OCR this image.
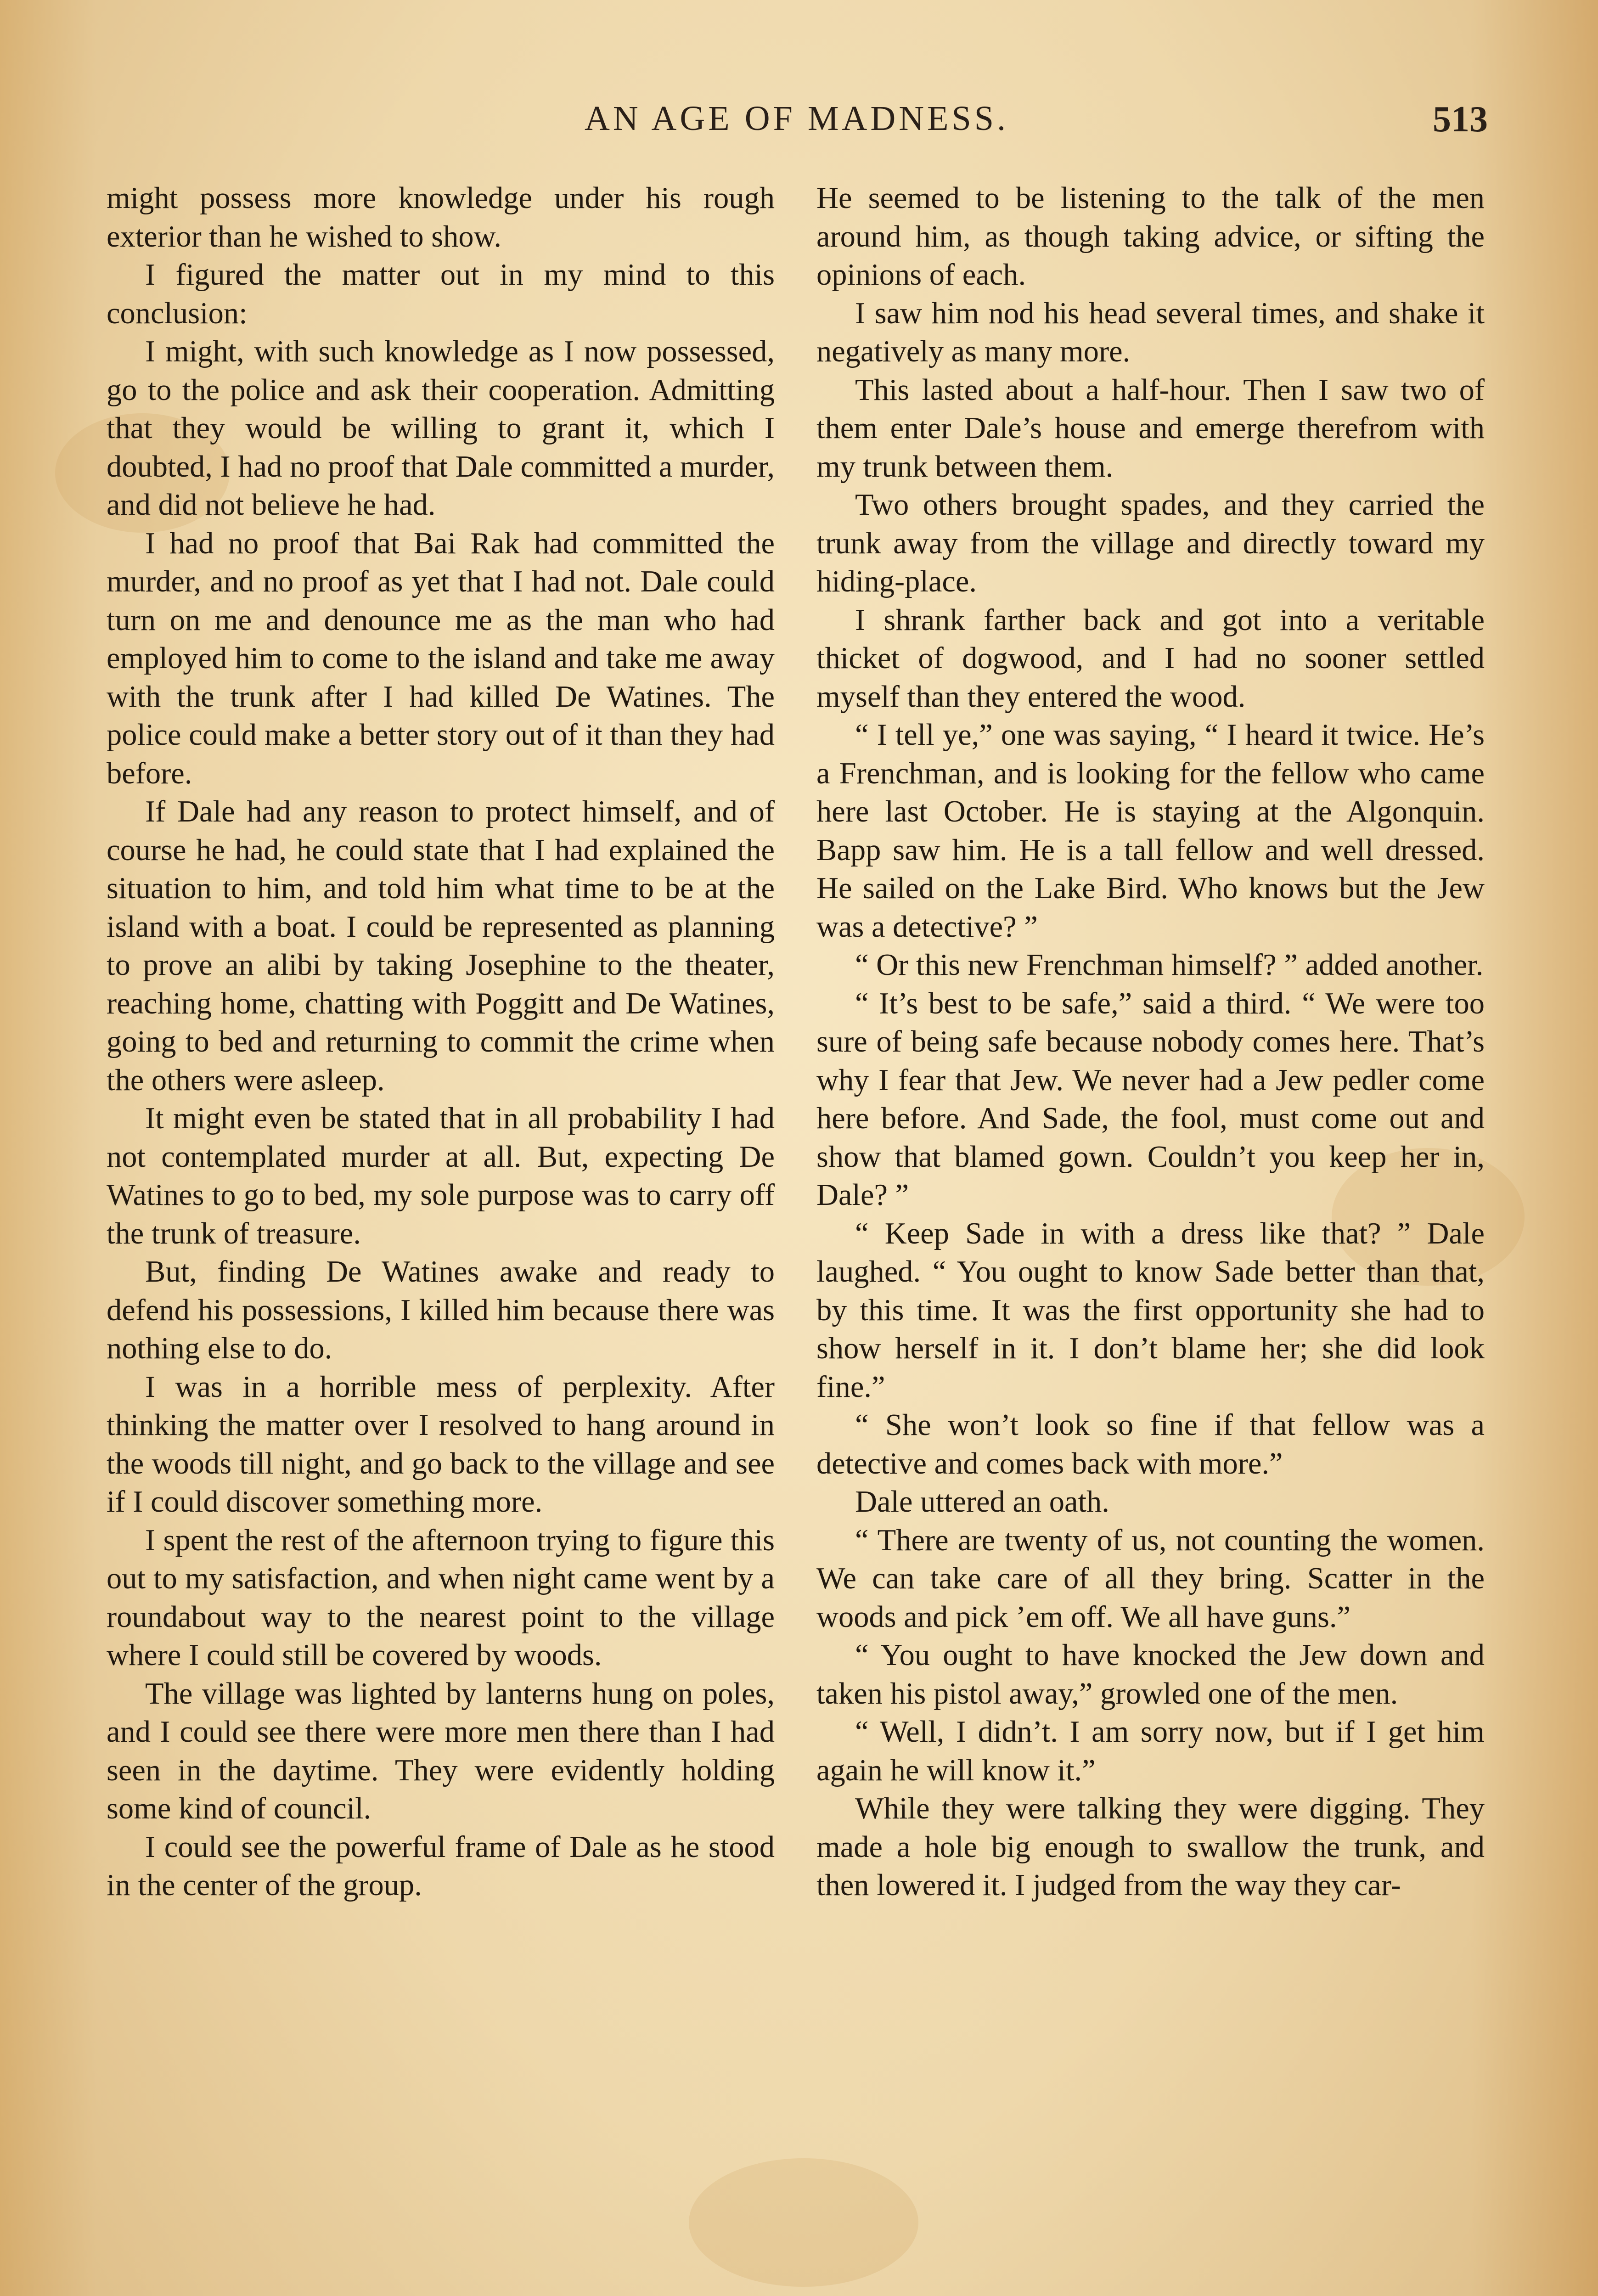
AN AGE OF MADNESS.	513

might possess more knowledge under his rough exterior than he wished to show.

I figured the matter out in my mind to this conclusion:

I might, with such knowledge as I now possessed, go to the police and ask their cooperation. Admitting that they would be willing to grant it, which I doubted, I had no proof that Dale committed a murder, and did not believe he had.

I had no proof that Bai Rak had committed the murder, and no proof as yet that I had not. Dale could turn on me and denounce me as the man who had employed him to come to the island and take me away with the trunk after I had killed De Watines. The police could make a better story out of it than they had before.

If Dale had any reason to protect himself, and of course he had, he could state that I had explained the situation to him, and told him what time to be at the island with a boat. I could be represented as planning to prove an alibi by taking Josephine to the theater, reaching home, chatting with Poggitt and De Watines, going to bed and returning to commit the crime when the others were asleep.

It might even be stated that in all probability I had not contemplated murder at all. But, expecting De Watines to go to bed, my sole purpose was to carry off the trunk of treasure.

But, finding De Watines awake and ready to defend his possessions, I killed him because there was nothing else to do.

I was in a horrible mess of perplexity. After thinking the matter over I resolved to hang around in the woods till night, and go back to the village and see if I could discover something more.

I spent the rest of the afternoon trying to figure this out to my satisfaction, and when night came went by a roundabout way to the nearest point to the village where I could still be covered by woods.

The village was lighted by lanterns hung on poles, and I could see there were more men there than I had seen in the daytime. They were evidently holding some kind of council.

I could see the powerful frame of Dale as he stood in the center of the group.

He seemed to be listening to the talk of the men around him, as though taking advice, or sifting the opinions of each.

I saw him nod his head several times, and shake it negatively as many more.

This lasted about a half-hour. Then I saw two of them enter Dale’s house and emerge therefrom with my trunk between them.

Two others brought spades, and they carried the trunk away from the village and directly toward my hiding-place.

I shrank farther back and got into a veritable thicket of dogwood, and I had no sooner settled myself than they entered the wood.

“ I tell ye,” one was saying, “ I heard it twice. He’s a Frenchman, and is looking for the fellow who came here last October. He is staying at the Algonquin. Bapp saw him. He is a tall fellow and well dressed. He sailed on the Lake Bird. Who knows but the Jew was a detective? ”

“ Or this new Frenchman himself? ” added another.

“ It’s best to be safe,” said a third. “ We were too sure of being safe because nobody comes here. That’s why I fear that Jew. We never had a Jew pedler come here before. And Sade, the fool, must come out and show that blamed gown. Couldn’t you keep her in, Dale? ”

“ Keep Sade in with a dress like that? ” Dale laughed. “ You ought to know Sade better than that, by this time. It was the first opportunity she had to show herself in it. I don’t blame her; she did look fine.”

“ She won’t look so fine if that fellow was a detective and comes back with more.”

Dale uttered an oath.

“ There are twenty of us, not counting the women. We can take care of all they bring. Scatter in the woods and pick ’em off. We all have guns.”

“ You ought to have knocked the Jew down and taken his pistol away,” growled one of the men.

“ Well, I didn’t. I am sorry now, but if I get him again he will know it.”

While they were talking they were digging. They made a hole big enough to swallow the trunk, and then lowered it. I judged from the way they car-
